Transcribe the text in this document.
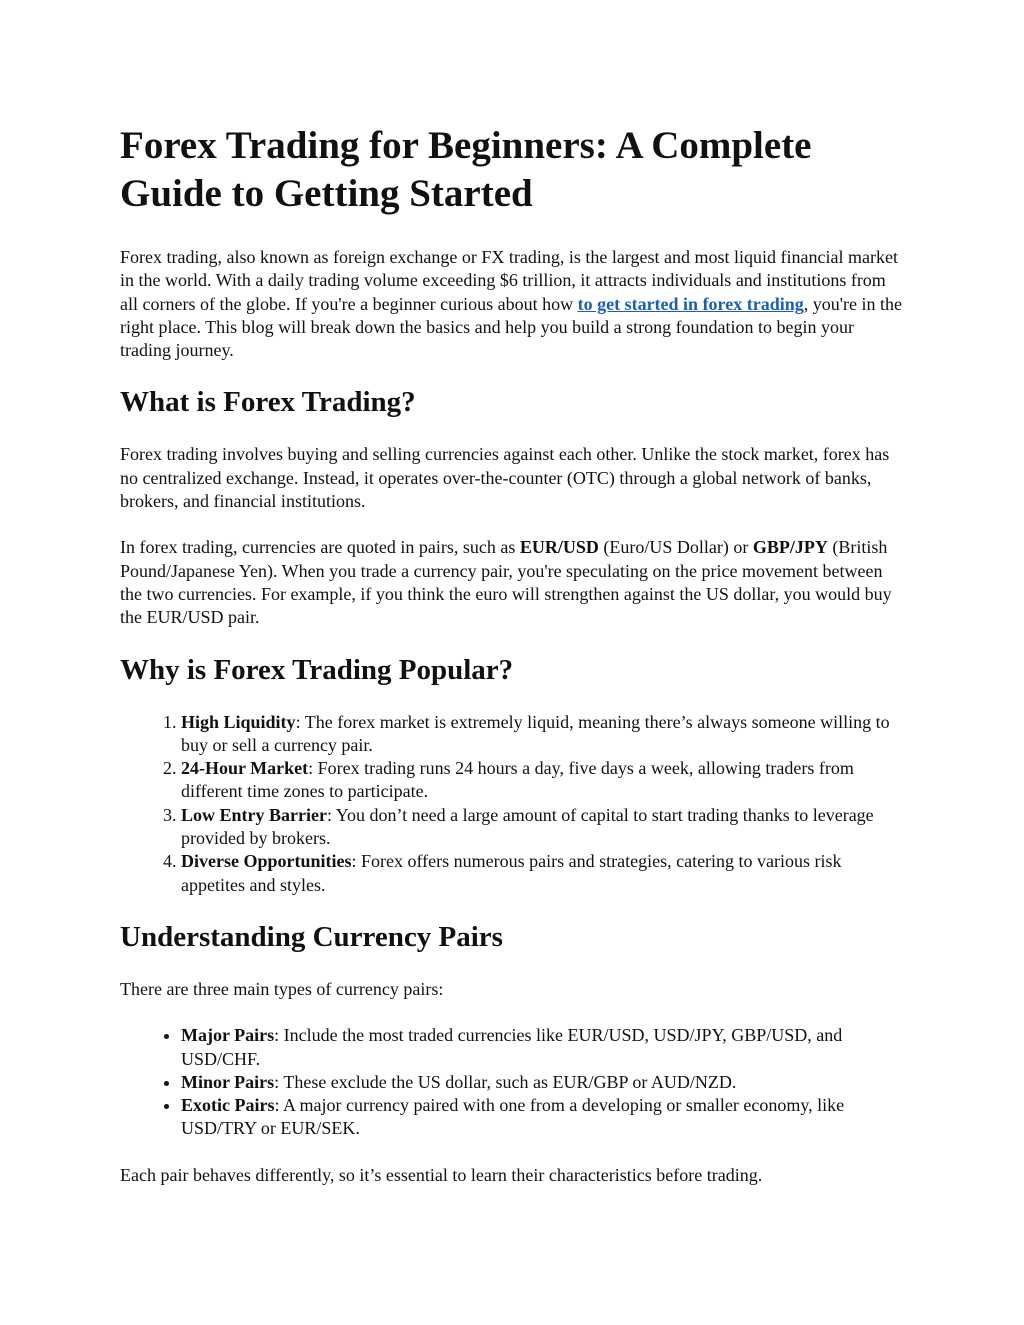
Forex Trading for Beginners: A Complete Guide to Getting Started

Forex trading, also known as foreign exchange or FX trading, is the largest and most liquid financial market in the world. With a daily trading volume exceeding $6 trillion, it attracts individuals and institutions from all corners of the globe. If you're a beginner curious about how to get started in forex trading, you're in the right place. This blog will break down the basics and help you build a strong foundation to begin your trading journey.

What is Forex Trading?

Forex trading involves buying and selling currencies against each other. Unlike the stock market, forex has no centralized exchange. Instead, it operates over-the-counter (OTC) through a global network of banks, brokers, and financial institutions.

In forex trading, currencies are quoted in pairs, such as EUR/USD (Euro/US Dollar) or GBP/JPY (British Pound/Japanese Yen). When you trade a currency pair, you're speculating on the price movement between the two currencies. For example, if you think the euro will strengthen against the US dollar, you would buy the EUR/USD pair.

Why is Forex Trading Popular?
1. High Liquidity: The forex market is extremely liquid, meaning there’s always someone willing to buy or sell a currency pair.
2. 24-Hour Market: Forex trading runs 24 hours a day, five days a week, allowing traders from different time zones to participate.
3. Low Entry Barrier: You don’t need a large amount of capital to start trading thanks to leverage provided by brokers.
4. Diverse Opportunities: Forex offers numerous pairs and strategies, catering to various risk appetites and styles.
Understanding Currency Pairs

There are three main types of currency pairs:

• Major Pairs: Include the most traded currencies like EUR/USD, USD/JPY, GBP/USD, and USD/CHF.
• Minor Pairs: These exclude the US dollar, such as EUR/GBP or AUD/NZD.
• Exotic Pairs: A major currency paired with one from a developing or smaller economy, like USD/TRY or EUR/SEK.

Each pair behaves differently, so it’s essential to learn their characteristics before trading.
